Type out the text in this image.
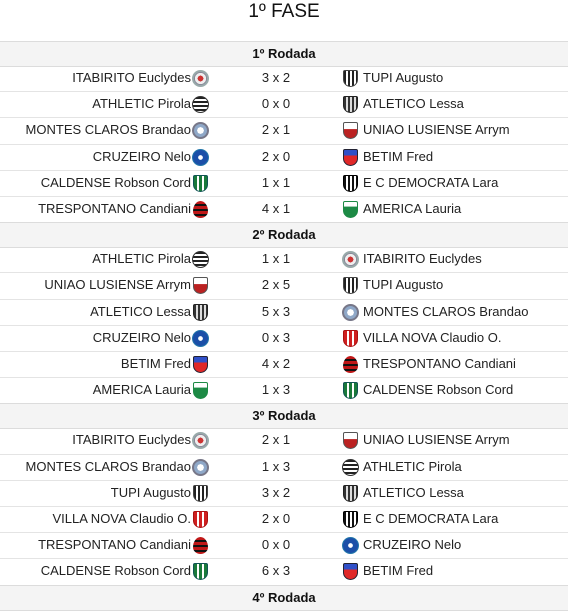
1º FASE
1º Rodada
ITABIRITO Euclydes	3 x 2	TUPI Augusto
ATHLETIC Pirola	0 x 0	ATLETICO Lessa
MONTES CLAROS Brandao	2 x 1	UNIAO LUSIENSE Arrym
CRUZEIRO Nelo	2 x 0	BETIM Fred
CALDENSE Robson Cord	1 x 1	E C DEMOCRATA Lara
TRESPONTANO Candiani	4 x 1	AMERICA Lauria
2º Rodada
ATHLETIC Pirola	1 x 1	ITABIRITO Euclydes
UNIAO LUSIENSE Arrym	2 x 5	TUPI Augusto
ATLETICO Lessa	5 x 3	MONTES CLAROS Brandao
CRUZEIRO Nelo	0 x 3	VILLA NOVA Claudio O.
BETIM Fred	4 x 2	TRESPONTANO Candiani
AMERICA Lauria	1 x 3	CALDENSE Robson Cord
3º Rodada
ITABIRITO Euclydes	2 x 1	UNIAO LUSIENSE Arrym
MONTES CLAROS Brandao	1 x 3	ATHLETIC Pirola
TUPI Augusto	3 x 2	ATLETICO Lessa
VILLA NOVA Claudio O.	2 x 0	E C DEMOCRATA Lara
TRESPONTANO Candiani	0 x 0	CRUZEIRO Nelo
CALDENSE Robson Cord	6 x 3	BETIM Fred
4º Rodada
